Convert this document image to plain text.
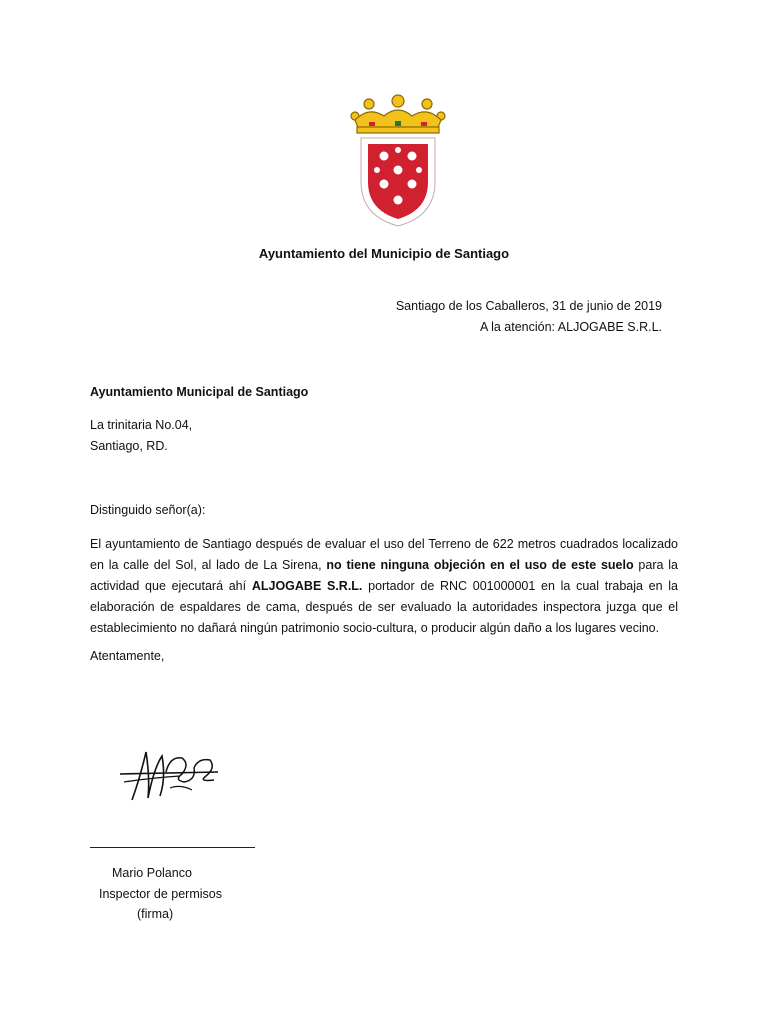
Ayuntamiento del Municipio de Santiago
Santiago de los Caballeros, 31 de junio de 2019
A la atención: ALJOGABE S.R.L.
Ayuntamiento Municipal de Santiago
La trinitaria No.04,
Santiago, RD.
Distinguido señor(a):
El ayuntamiento de Santiago después de evaluar el uso del Terreno de 622 metros cuadrados localizado en la calle del Sol, al lado de La Sirena, no tiene ninguna objeción en el uso de este suelo para la actividad que ejecutará ahí ALJOGABE S.R.L. portador de RNC 001000001 en la cual trabaja en la elaboración de espaldares de cama, después de ser evaluado la autoridades inspectora juzga que el establecimiento no dañará ningún patrimonio socio-cultura, o producir algún daño a los lugares vecino.
Atentamente,
Mario Polanco
Inspector de permisos
(firma)
